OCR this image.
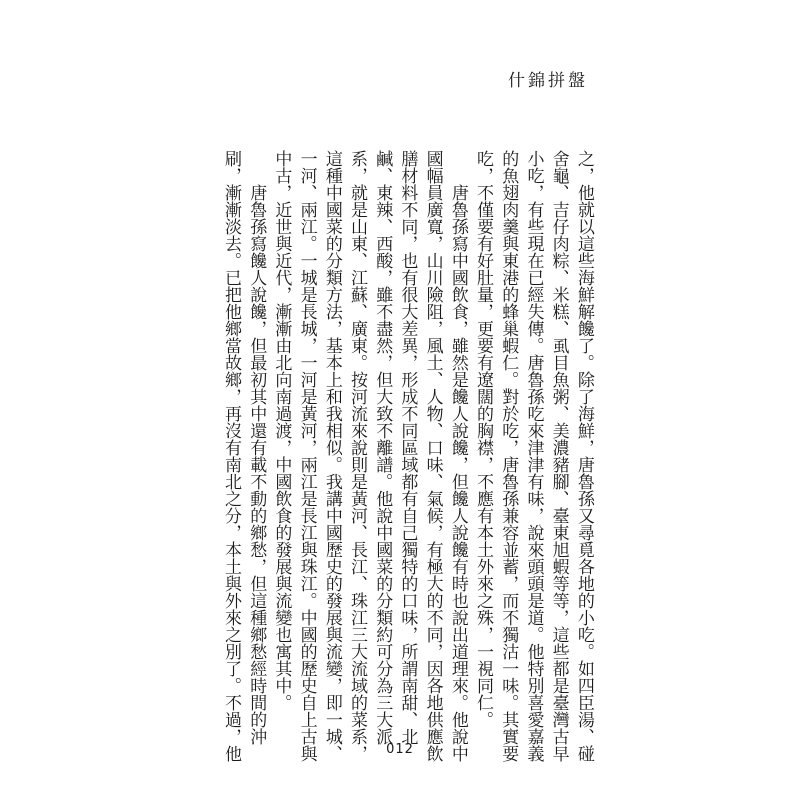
什錦拼盤
之，他就以這些海鮮解饞了。除了海鮮，唐魯孫又尋覓各地的小吃。如四臣湯、碰
舍龜、吉仔肉粽、米糕、虱目魚粥、美濃豬腳、臺東旭蝦等等，這些都是臺灣古早
小吃，有些現在已經失傳。唐魯孫吃來津津有味，說來頭頭是道。他特別喜愛嘉義
的魚翅肉羹與東港的蜂巢蝦仁。對於吃，唐魯孫兼容並蓄，而不獨沽一味。其實要
吃，不僅要有好肚量，更要有遼闊的胸襟，不應有本土外來之殊，一視同仁。
唐魯孫寫中國飲食，雖然是饞人說饞，但饞人說饞有時也說出道理來。他說中
國幅員廣寬，山川險阻，風土、人物、口味、氣候，有極大的不同，因各地供應飲
膳材料不同，也有很大差異，形成不同區域都有自己獨特的口味，所謂南甜、北
鹹、東辣、西酸，雖不盡然，但大致不離譜。他說中國菜的分類約可分為三大派
系，就是山東、江蘇、廣東。按河流來說則是黃河、長江、珠江三大流域的菜系，
這種中國菜的分類方法，基本上和我相似。我講中國歷史的發展與流變，即一城、
一河、兩江。一城是長城，一河是黃河，兩江是長江與珠江。中國的歷史自上古與
中古，近世與近代，漸漸由北向南過渡，中國飲食的發展與流變也寓其中。
唐魯孫寫饞人說饞，但最初其中還有載不動的鄉愁，但這種鄉愁經時間的沖
刷，漸漸淡去。已把他鄉當故鄉，再沒有南北之分，本土與外來之別了。不過，他	012
